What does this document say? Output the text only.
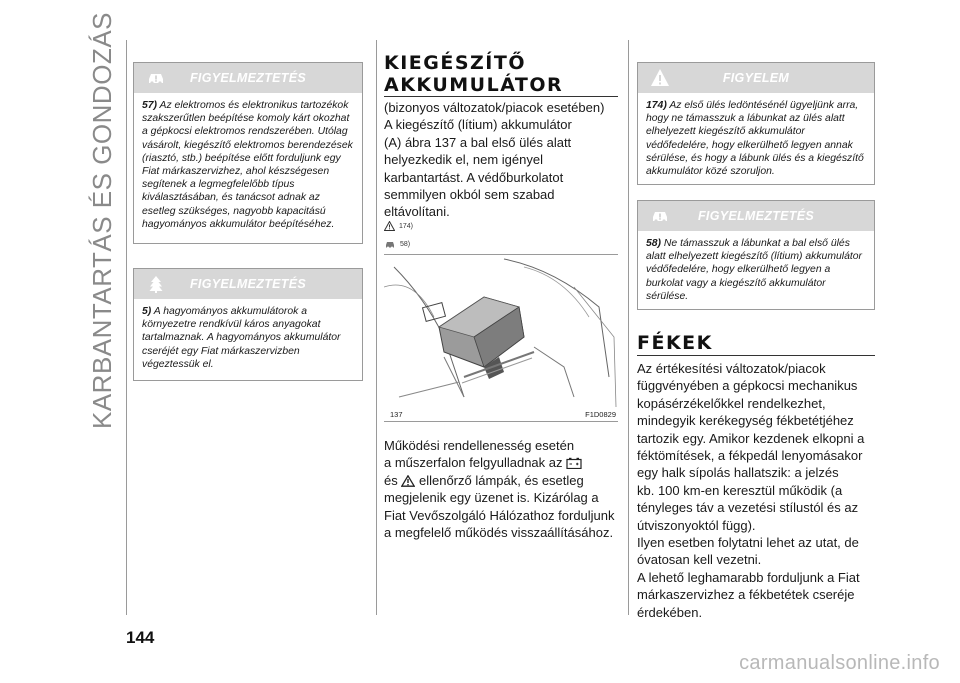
KARBANTARTÁS ÉS GONDOZÁS	FIGYELMEZTETÉS
57) Az elektromos és elektronikus tartozékok szakszerűtlen beépítése komoly kárt okozhat a gépkocsi elektromos rendszerében. Utólag vásárolt, kiegészítő elektromos berendezések (riasztó, stb.) beépítése előtt forduljunk egy Fiat márkaszervizhez, ahol készségesen segítenek a legmegfelelőbb típus kiválasztásában, és tanácsot adnak az esetleg szükséges, nagyobb kapacitású hagyományos akkumulátor beépítéséhez.
FIGYELMEZTETÉS
5) A hagyományos akkumulátorok a környezetre rendkívül káros anyagokat tartalmaznak. A hagyományos akkumulátor cseréjét egy Fiat márkaszervizben végeztessük el.
KIEGÉSZÍTŐ
AKKUMULÁTOR

(bizonyos változatok/piacok esetében)

A kiegészítő (lítium) akkumulátor

(A) ábra 137 a bal első ülés alatt

helyezkedik el, nem igényel

karbantartást. A védőburkolatot

semmilyen okból sem szabad

eltávolítani.

174)
58)
137	F1D0829

Működési rendellenesség esetén

a műszerfalon felgyulladnak az

és ellenőrző lámpák, és esetleg

megjelenik egy üzenet is. Kizárólag a

Fiat Vevőszolgáló Hálózathoz forduljunk

a megfelelő működés visszaállításához.

FIGYELEM
174) Az első ülés ledöntésénél ügyeljünk arra, hogy ne támasszuk a lábunkat az ülés alatt elhelyezett kiegészítő akkumulátor védőfedelére, hogy elkerülhető legyen annak sérülése, és hogy a lábunk ülés és a kiegészítő akkumulátor közé szoruljon.
FIGYELMEZTETÉS
58) Ne támasszuk a lábunkat a bal első ülés alatt elhelyezett kiegészítő (lítium) akkumulátor védőfedelére, hogy elkerülhető legyen a burkolat vagy a kiegészítő akkumulátor sérülése.
FÉKEK

Az értékesítési változatok/piacok

függvényében a gépkocsi mechanikus

kopásérzékelőkkel rendelkezhet,

mindegyik kerékegység fékbetétjéhez

tartozik egy. Amikor kezdenek elkopni a

féktömítések, a fékpedál lenyomásakor

egy halk sípolás hallatszik: a jelzés

kb. 100 km-en keresztül működik (a

tényleges táv a vezetési stílustól és az

útviszonyoktól függ).

Ilyen esetben folytatni lehet az utat, de

óvatosan kell vezetni.

A lehető leghamarabb forduljunk a Fiat

márkaszervizhez a fékbetétek cseréje

érdekében.

144
carmanualsonline.info
